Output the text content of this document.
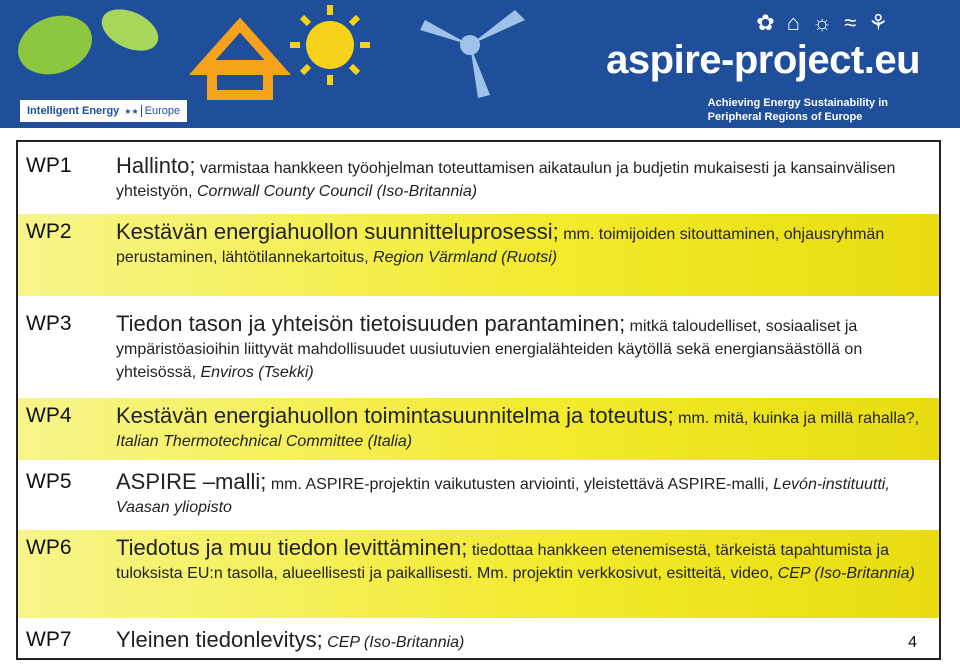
✿ ⌂ ☼ ≈ ⚘
Intelligent Energy ★★ Europe
aspire-project.eu
Achieving Energy Sustainability in
Peripheral Regions of Europe
WP1	Hallinto; varmistaa hankkeen työohjelman toteuttamisen aikataulun ja budjetin mukaisesti ja kansainvälisen yhteistyön, Cornwall County Council (Iso-Britannia)
WP2	Kestävän energiahuollon suunnitteluprosessi; mm. toimijoiden sitouttaminen, ohjausryhmän perustaminen, lähtötilannekartoitus, Region Värmland (Ruotsi)
WP3	Tiedon tason ja yhteisön tietoisuuden parantaminen; mitkä taloudelliset, sosiaaliset ja ympäristöasioihin liittyvät mahdollisuudet uusiutuvien energialähteiden käytöllä sekä energiansäästöllä on yhteisössä, Enviros (Tsekki)
WP4	Kestävän energiahuollon toimintasuunnitelma ja toteutus; mm. mitä, kuinka ja millä rahalla?, Italian Thermotechnical Committee (Italia)
WP5	ASPIRE –malli; mm. ASPIRE-projektin vaikutusten arviointi, yleistettävä ASPIRE-malli, Levón-instituutti, Vaasan yliopisto
WP6	Tiedotus ja muu tiedon levittäminen; tiedottaa hankkeen etenemisestä, tärkeistä tapahtumista ja tuloksista EU:n tasolla, alueellisesti ja paikallisesti. Mm. projektin verkkosivut, esitteitä, video, CEP (Iso-Britannia)
WP7	Yleinen tiedonlevitys; CEP (Iso-Britannia)	4
